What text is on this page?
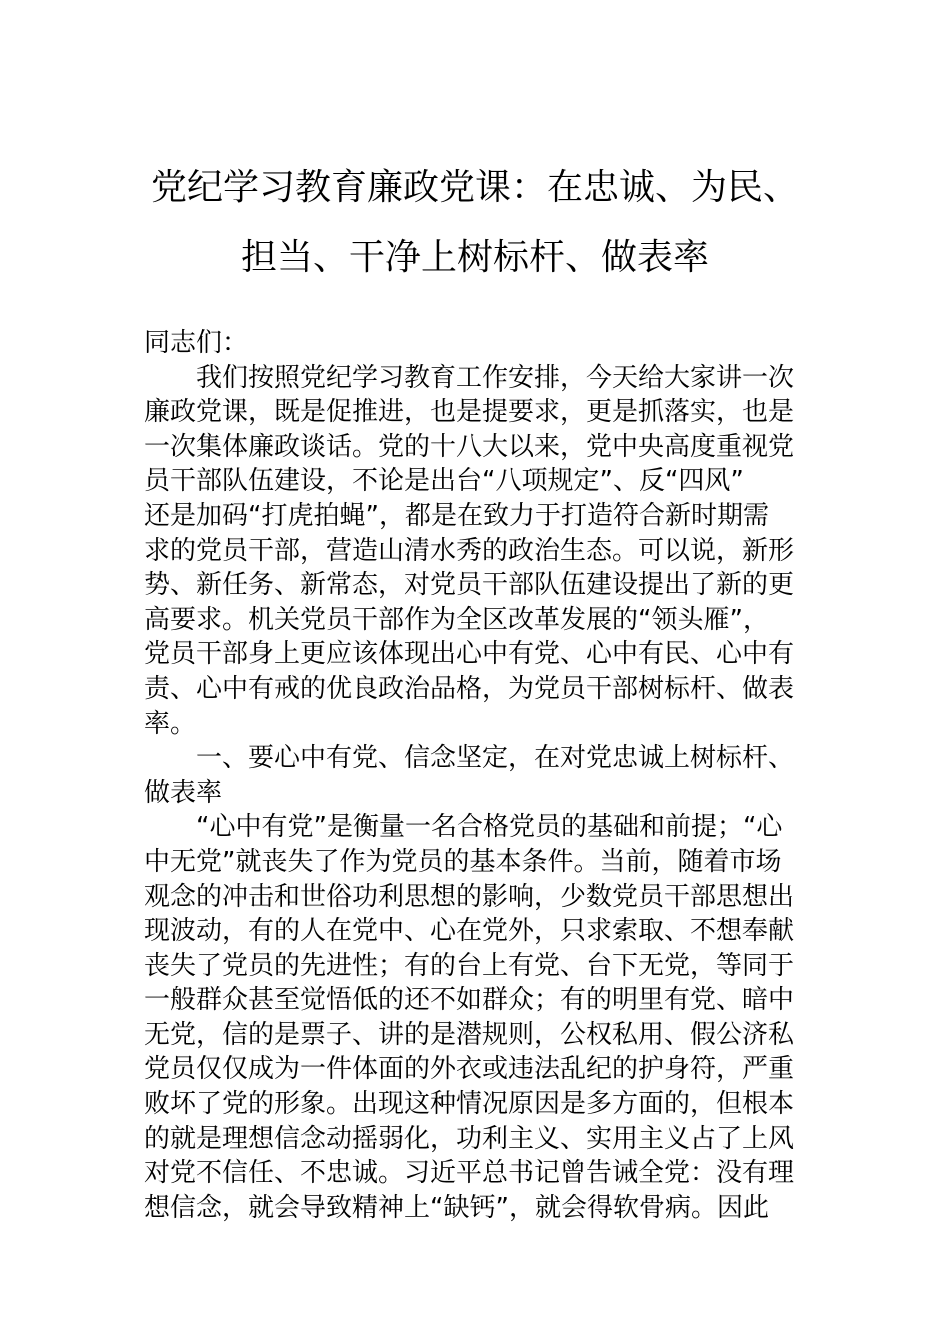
党纪学习教育廉政党课：在忠诚、为民、
担当、干净上树标杆、做表率
同志们：
我们按照党纪学习教育工作安排，今天给大家讲一次
廉政党课，既是促推进，也是提要求，更是抓落实，也是
一次集体廉政谈话。党的十八大以来，党中央高度重视党
员干部队伍建设，不论是出台“八项规定”、反“四风”
还是加码“打虎拍蝇”，都是在致力于打造符合新时期需
求的党员干部，营造山清水秀的政治生态。可以说，新形
势、新任务、新常态，对党员干部队伍建设提出了新的更
高要求。机关党员干部作为全区改革发展的“领头雁”，
党员干部身上更应该体现出心中有党、心中有民、心中有
责、心中有戒的优良政治品格，为党员干部树标杆、做表
率。
一、要心中有党、信念坚定，在对党忠诚上树标杆、
做表率
“心中有党”是衡量一名合格党员的基础和前提；“心
中无党”就丧失了作为党员的基本条件。当前，随着市场
观念的冲击和世俗功利思想的影响，少数党员干部思想出
现波动，有的人在党中、心在党外，只求索取、不想奉献
丧失了党员的先进性；有的台上有党、台下无党，等同于
一般群众甚至觉悟低的还不如群众；有的明里有党、暗中
无党，信的是票子、讲的是潜规则，公权私用、假公济私
党员仅仅成为一件体面的外衣或违法乱纪的护身符，严重
败坏了党的形象。出现这种情况原因是多方面的，但根本
的就是理想信念动摇弱化，功利主义、实用主义占了上风
对党不信任、不忠诚。习近平总书记曾告诫全党：没有理
想信念，就会导致精神上“缺钙”，就会得软骨病。因此
